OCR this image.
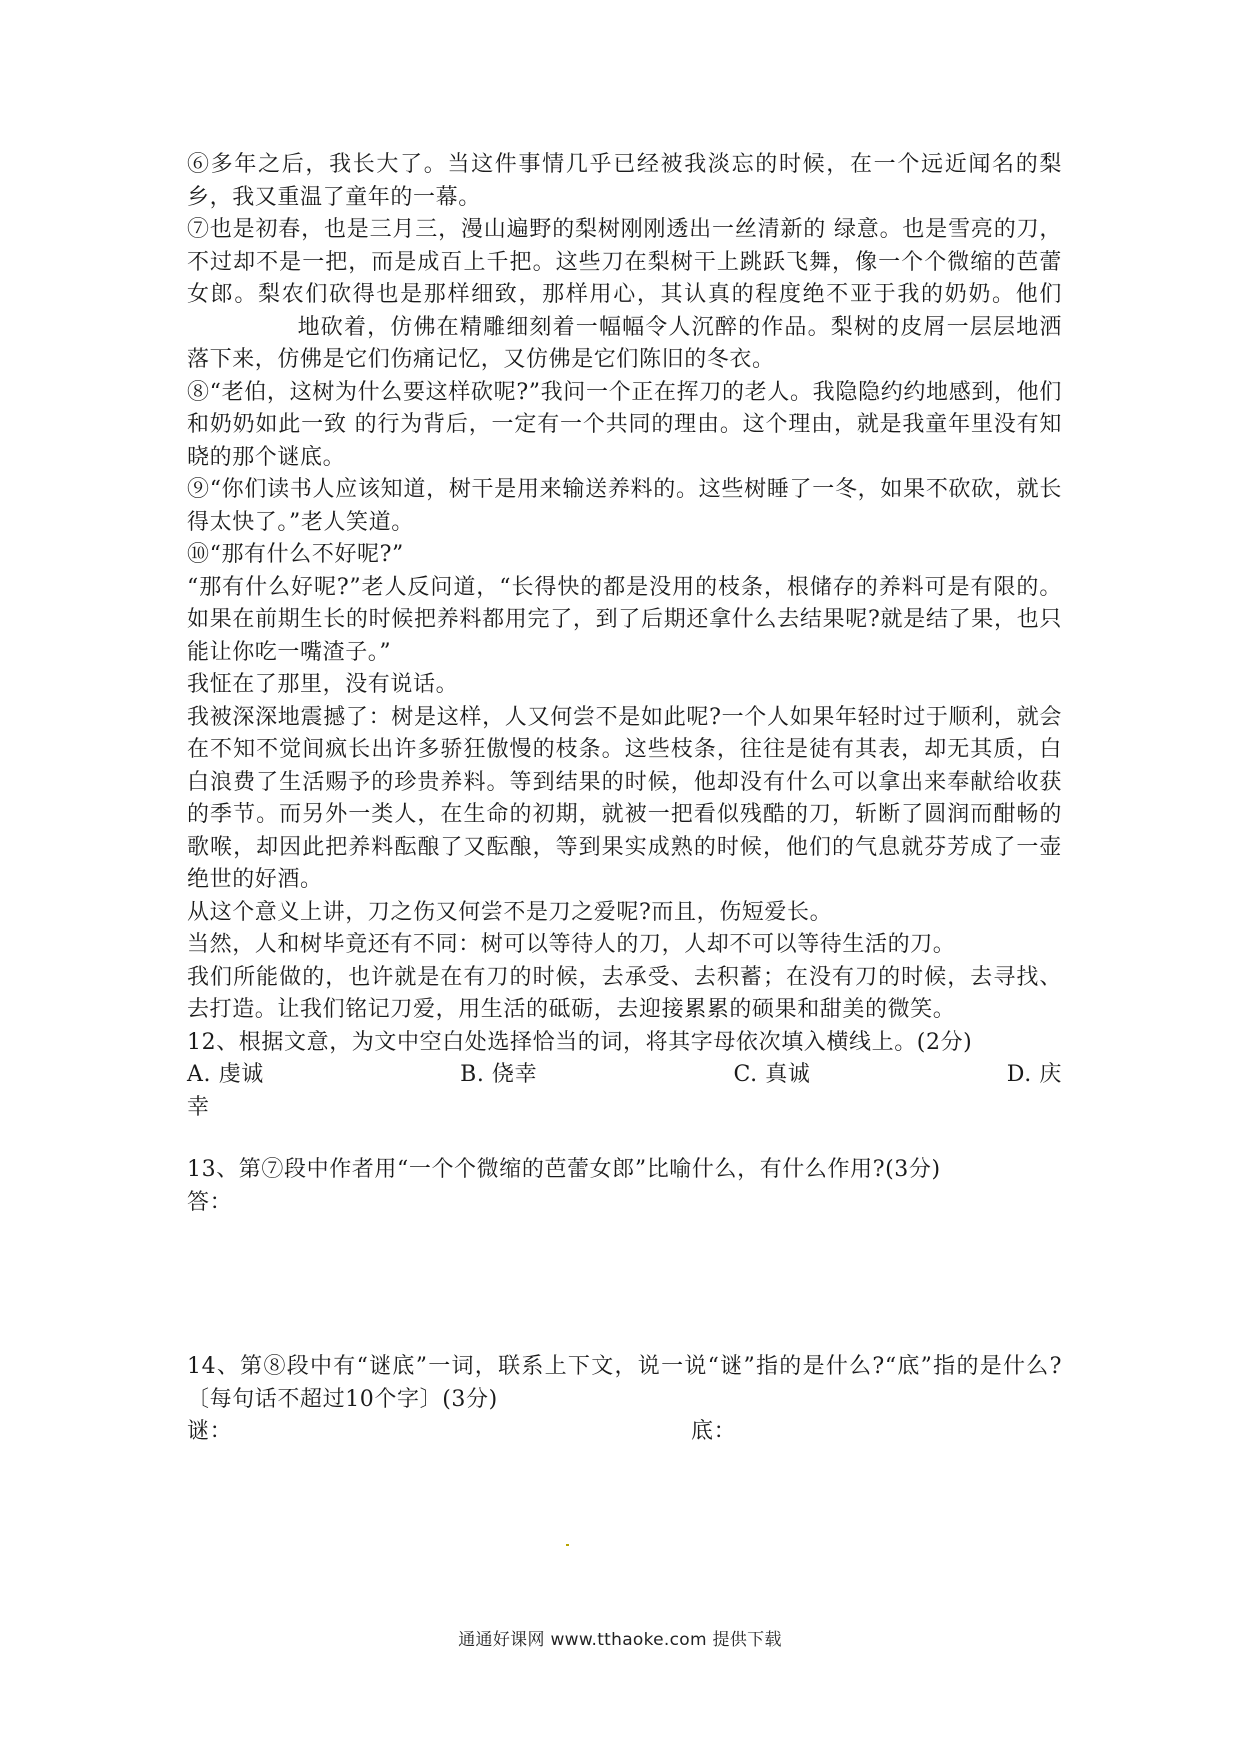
⑥多年之后，我长大了。当这件事情几乎已经被我淡忘的时候，在一个远近闻名的梨乡，我又重温了童年的一幕。

⑦也是初春，也是三月三，漫山遍野的梨树刚刚透出一丝清新的 绿意。也是雪亮的刀，不过却不是一把，而是成百上千把。这些刀在梨树干上跳跃飞舞，像一个个微缩的芭蕾女郎。梨农们砍得也是那样细致，那样用心，其认真的程度绝不亚于我的奶奶。他们地砍着，仿佛在精雕细刻着一幅幅令人沉醉的作品。梨树的皮屑一层层地洒落下来，仿佛是它们伤痛记忆，又仿佛是它们陈旧的冬衣。

⑧“老伯，这树为什么要这样砍呢?”我问一个正在挥刀的老人。我隐隐约约地感到，他们和奶奶如此一致 的行为背后，一定有一个共同的理由。这个理由，就是我童年里没有知晓的那个谜底。

⑨“你们读书人应该知道，树干是用来输送养料的。这些树睡了一冬，如果不砍砍，就长得太快了。”老人笑道。

⑩“那有什么不好呢?”

“那有什么好呢?”老人反问道，“长得快的都是没用的枝条，根储存的养料可是有限的。如果在前期生长的时候把养料都用完了，到了后期还拿什么去结果呢?就是结了果，也只能让你吃一嘴渣子。”

我怔在了那里，没有说话。

我被深深地震撼了：树是这样，人又何尝不是如此呢?一个人如果年轻时过于顺利，就会在不知不觉间疯长出许多骄狂傲慢的枝条。这些枝条，往往是徒有其表，却无其质，白白浪费了生活赐予的珍贵养料。等到结果的时候，他却没有什么可以拿出来奉献给收获的季节。而另外一类人，在生命的初期，就被一把看似残酷的刀，斩断了圆润而酣畅的歌喉，却因此把养料酝酿了又酝酿，等到果实成熟的时候，他们的气息就芬芳成了一壶绝世的好酒。

从这个意义上讲，刀之伤又何尝不是刀之爱呢?而且，伤短爱长。

当然，人和树毕竟还有不同：树可以等待人的刀，人却不可以等待生活的刀。

我们所能做的，也许就是在有刀的时候，去承受、去积蓄；在没有刀的时候，去寻找、去打造。让我们铭记刀爱，用生活的砥砺，去迎接累累的硕果和甜美的微笑。

12、根据文意，为文中空白处选择恰当的词，将其字母依次填入横线上。(2分)

A. 虔诚	B. 侥幸	C. 真诚	D. 庆

幸

13、第⑦段中作者用“一个个微缩的芭蕾女郎”比喻什么，有什么作用?(3分)

答：

14、第⑧段中有“谜底”一词，联系上下文，说一说“谜”指的是什么?“底”指的是什么?〔每句话不超过10个字〕(3分)

谜：	底：
通通好课网 www.tthaoke.com 提供下载
